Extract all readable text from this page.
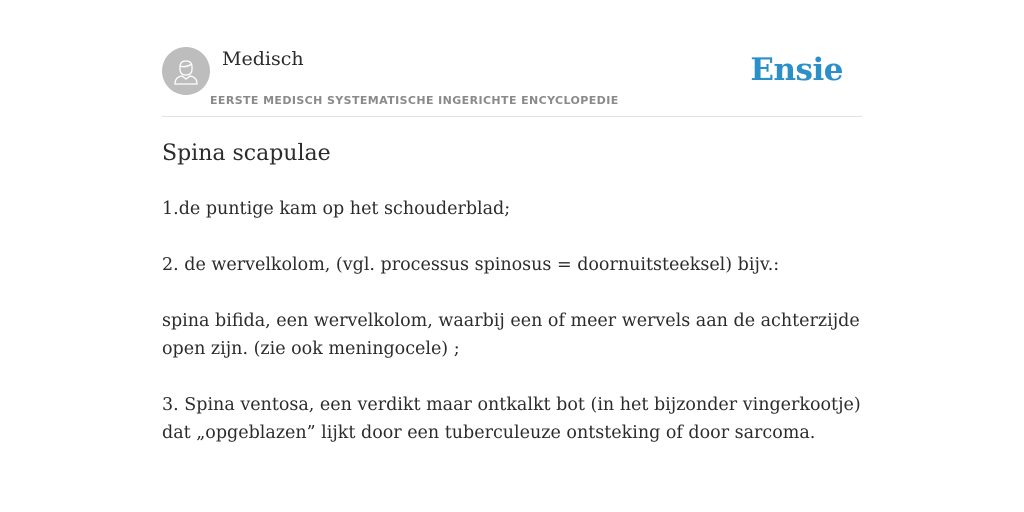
Medisch
EERSTE MEDISCH SYSTEMATISCHE INGERICHTE ENCYCLOPEDIE
Ensie
Spina scapulae

1.de puntige kam op het schouderblad;

2. de wervelkolom, (vgl. processus spinosus = doornuitsteeksel) bijv.:

spina bifida, een wervelkolom, waarbij een of meer wervels aan de achterzijde open zijn. (zie ook meningocele) ;

3. Spina ventosa, een verdikt maar ontkalkt bot (in het bijzonder vingerkootje) dat „opgeblazen” lijkt door een tuberculeuze ontsteking of door sarcoma.
